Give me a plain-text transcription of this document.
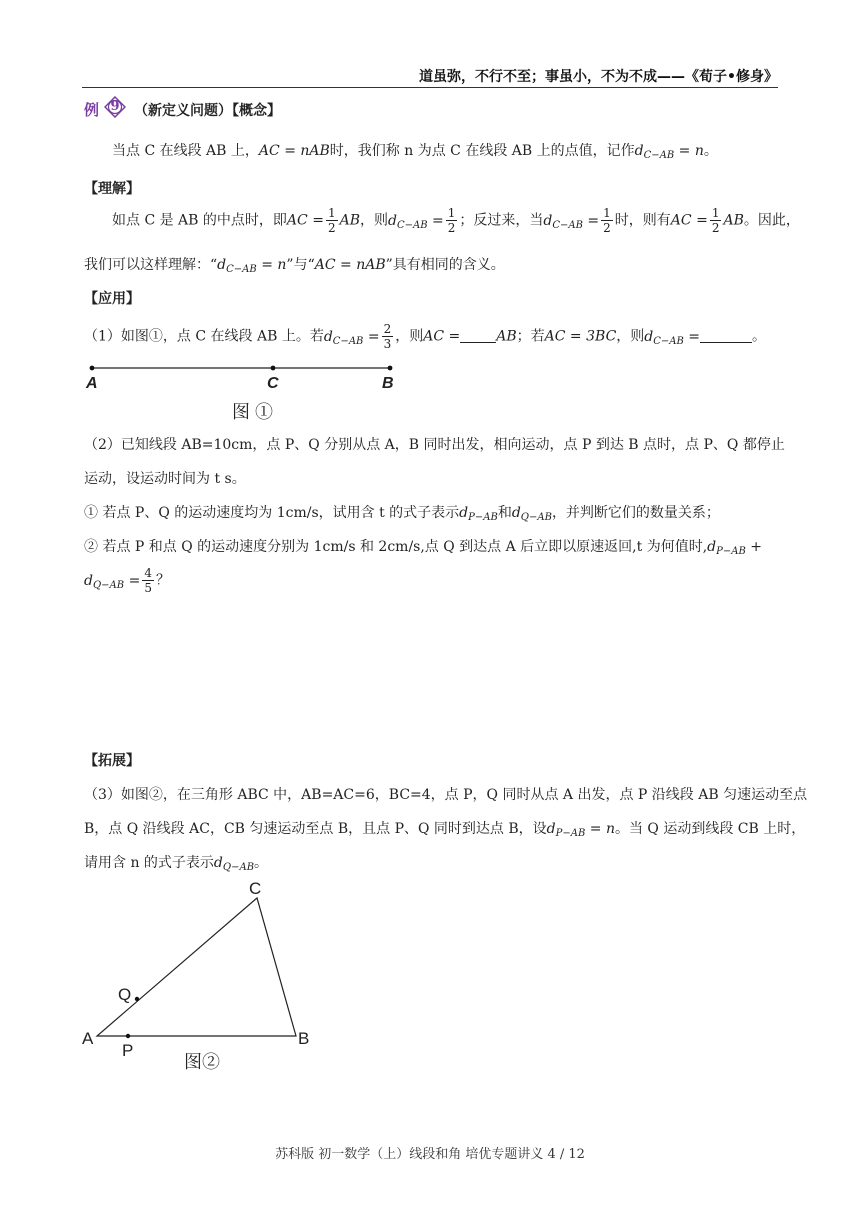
道虽弥，不行不至；事虽小，不为不成——《荀子•修身》
例 9	（新定义问题）【概念】
当点 C 在线段 AB 上，AC = nAB时，我们称 n 为点 C 在线段 AB 上的点值，记作$d_{C-AB} = n$。
【理解】
如点 C 是 AB 的中点时，即AC = $\frac{1}{2}$ AB，则$d_{C-AB} = \frac{1}{2}$ ；反过来，当$d_{C-AB} = \frac{1}{2}$ 时，则有AC = $\frac{1}{2}$ AB。因此，
我们可以这样理解：“$d_{C-AB} = n$”与“AC = nAB”具有相同的含义。
【应用】
（1）如图①，点 C 在线段 AB 上。若$d_{C-AB} = \frac{2}{3}$ ，则AC =	AB；若AC = 3BC，则$d_{C-AB}$ =	。
A	C	B
图 ①
（2）已知线段 AB=10cm，点 P、Q 分别从点 A，B 同时出发，相向运动，点 P 到达 B 点时，点 P、Q 都停止
运动，设运动时间为 t s。
① 若点 P、Q 的运动速度均为 1cm/s，试用含 t 的式子表示$d_{P-AB}$和$d_{Q-AB}$，并判断它们的数量关系；
② 若点 P 和点 Q 的运动速度分别为 1cm/s 和 2cm/s,点 Q 到达点 A 后立即以原速返回,t 为何值时$,d_{P-AB}$ +
$d_{Q-AB} = \frac{4}{5}$ ？
【拓展】
（3）如图②，在三角形 ABC 中，AB=AC=6，BC=4，点 P，Q 同时从点 A 出发，点 P 沿线段 AB 匀速运动至点
B，点 Q 沿线段 AC，CB 匀速运动至点 B，且点 P、Q 同时到达点 B，设$d_{P-AB} = n$。当 Q 运动到线段 CB 上时，
请用含 n 的式子表示$d_{Q-AB}$。
C
Q
A
P
B
图②
苏科版 初一数学（上）线段和角 培优专题讲义 4 / 12
